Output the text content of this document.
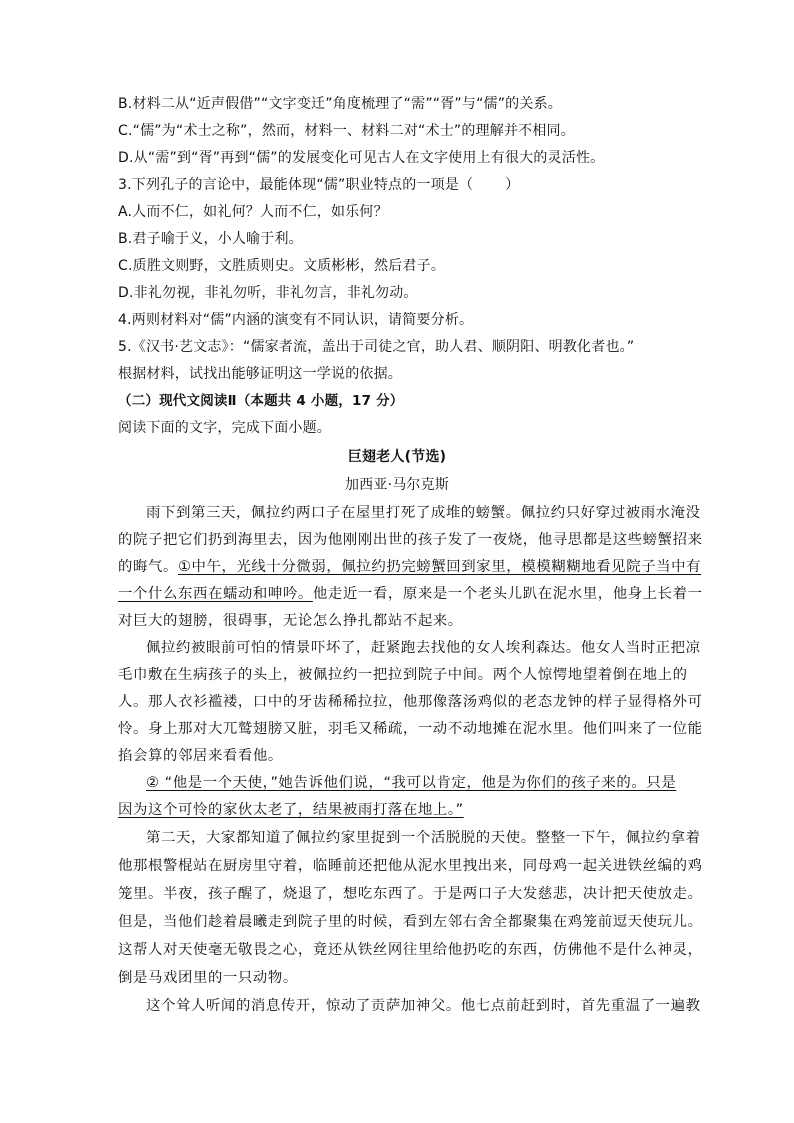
B.材料二从“近声假借”“文字变迁”角度梳理了“需”“胥”与“儒”的关系。
C.“儒”为“术士之称”，然而，材料一、材料二对“术士”的理解并不相同。
D.从“需”到“胥”再到“儒”的发展变化可见古人在文字使用上有很大的灵活性。
3.下列孔子的言论中，最能体现“儒”职业特点的一项是（ ）
A.人而不仁，如礼何？人而不仁，如乐何？
B.君子喻于义，小人喻于利。
C.质胜文则野，文胜质则史。文质彬彬，然后君子。
D.非礼勿视，非礼勿听，非礼勿言，非礼勿动。
4.两则材料对“儒”内涵的演变有不同认识，请简要分析。
5.《汉书·艺文志》：“儒家者流，盖出于司徒之官，助人君、顺阴阳、明教化者也。”
根据材料，试找出能够证明这一学说的依据。
（二）现代文阅读Ⅱ（本题共 4 小题，17 分）
阅读下面的文字，完成下面小题。
巨翅老人(节选)
加西亚·马尔克斯
雨下到第三天，佩拉约两口子在屋里打死了成堆的螃蟹。佩拉约只好穿过被雨水淹没
的院子把它们扔到海里去，因为他刚刚出世的孩子发了一夜烧，他寻思都是这些螃蟹招来
的晦气。①中午，光线十分微弱，佩拉约扔完螃蟹回到家里，模模糊糊地看见院子当中有
一个什么东西在蠕动和呻吟。他走近一看，原来是一个老头儿趴在泥水里，他身上长着一
对巨大的翅膀，很碍事，无论怎么挣扎都站不起来。
佩拉约被眼前可怕的情景吓坏了，赶紧跑去找他的女人埃利森达。他女人当时正把凉
毛巾敷在生病孩子的头上，被佩拉约一把拉到院子中间。两个人惊愕地望着倒在地上的
人。那人衣衫褴褛，口中的牙齿稀稀拉拉，他那像落汤鸡似的老态龙钟的样子显得格外可
怜。身上那对大兀鹫翅膀又脏，羽毛又稀疏，一动不动地摊在泥水里。他们叫来了一位能
掐会算的邻居来看看他。
② “他是一个天使，”她告诉他们说，“我可以肯定，他是为你们的孩子来的。只是
因为这个可怜的家伙太老了，结果被雨打落在地上。”
第二天，大家都知道了佩拉约家里捉到一个活脱脱的天使。整整一下午，佩拉约拿着
他那根警棍站在厨房里守着，临睡前还把他从泥水里拽出来，同母鸡一起关进铁丝编的鸡
笼里。半夜，孩子醒了，烧退了，想吃东西了。于是两口子大发慈悲，决计把天使放走。
但是，当他们趁着晨曦走到院子里的时候，看到左邻右舍全都聚集在鸡笼前逗天使玩儿。
这帮人对天使毫无敬畏之心，竟还从铁丝网往里给他扔吃的东西，仿佛他不是什么神灵，
倒是马戏团里的一只动物。
这个耸人听闻的消息传开，惊动了贡萨加神父。他七点前赶到时，首先重温了一遍教
